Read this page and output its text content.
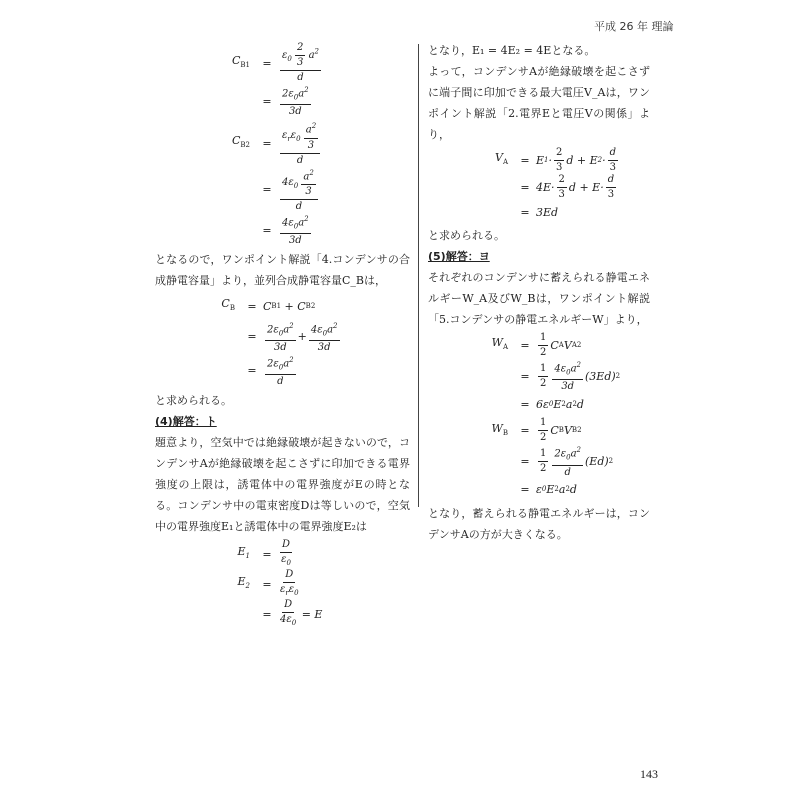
平成 26 年 理論
$C_{B1}$	= $\frac{\varepsilon_0 \frac{2}{3} a^2}{d}$
= $\frac{2\varepsilon_0a^2}{3d}$
$C_{B2}$	= $\frac{\varepsilon_r\varepsilon_0 \frac{a^2}{3}}{d}$
= $\frac{4\varepsilon_0 \frac{a^2}{3}}{d}$
= $\frac{4\varepsilon_0a^2}{3d}$

となるので，ワンポイント解説「4.コンデンサの合成静電容量」より，並列合成静電容量C_Bは，

$C_B$	= C B1 + C B2
= $\frac{2\varepsilon_0a^2}{3d} + \frac{4\varepsilon_0a^2}{3d}$
= $\frac{2\varepsilon_0a^2}{d}$

と求められる。

(4)解答：ト

題意より，空気中では絶縁破壊が起きないので，コンデンサAが絶縁破壊を起こさずに印加できる電界強度の上限は，誘電体中の電界強度がEの時となる。コンデンサ中の電束密度Dは等しいので，空気中の電界強度E₁と誘電体中の電界強度E₂は

$E_1$	= $\frac{D}{\varepsilon_0}$
$E_2$	= $\frac{D}{\varepsilon_r\varepsilon_0}$
= $\frac{D}{4\varepsilon_0} = E$

となり，E₁ = 4E₂ = 4Eとなる。

よって，コンデンサAが絶縁破壊を起こさずに端子間に印加できる最大電圧V_Aは，ワンポイント解説「2.電界Eと電圧Vの関係」より，

$V_A$	= E $1 \cdot \frac{2}{3}$ d + E $2 \cdot \frac{d}{3}$
= $4E\cdot \frac{2}{3}$ $d + E\cdot \frac{d}{3}$
= 3Ed

と求められる。

(5)解答：ヨ

それぞれのコンデンサに蓄えられる静電エネルギーW_A及びW_Bは，ワンポイント解説「5.コンデンサの静電エネルギーW」より，

$W_A$	= $\frac{1}{2}$ C A V A 2
= $\frac{1}{2} \frac{4\varepsilon_0a^2}{3d} (3Ed)$ 2
= 6ε 0 E 2 a 2 d
$W_B$	= $\frac{1}{2}$ C B V B 2
= $\frac{1}{2} \frac{2\varepsilon_0a^2}{d} (Ed)$ 2
= ε 0 E 2 a 2 d

となり，蓄えられる静電エネルギーは，コンデンサAの方が大きくなる。

143
